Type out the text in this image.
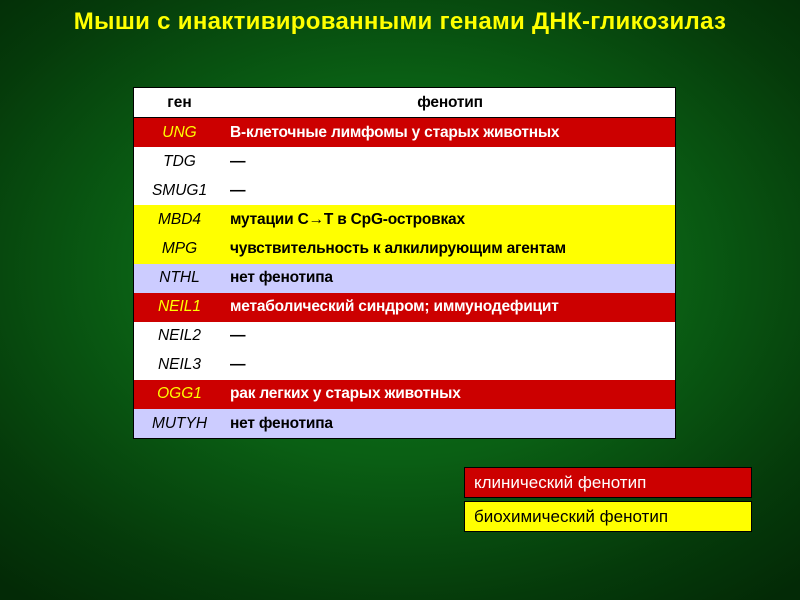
Мыши с инактивированными генами ДНК-гликозилаз
ген	фенотип
UNG	В-клеточные лимфомы у старых животных
TDG	—
SMUG1	—
MBD4	мутации C→T в CpG-островках
MPG	чувствительность к алкилирующим агентам
NTHL	нет фенотипа
NEIL1	метаболический синдром; иммунодефицит
NEIL2	—
NEIL3	—
OGG1	рак легких у старых животных
MUTYH	нет фенотипа
клинический фенотип
биохимический фенотип
